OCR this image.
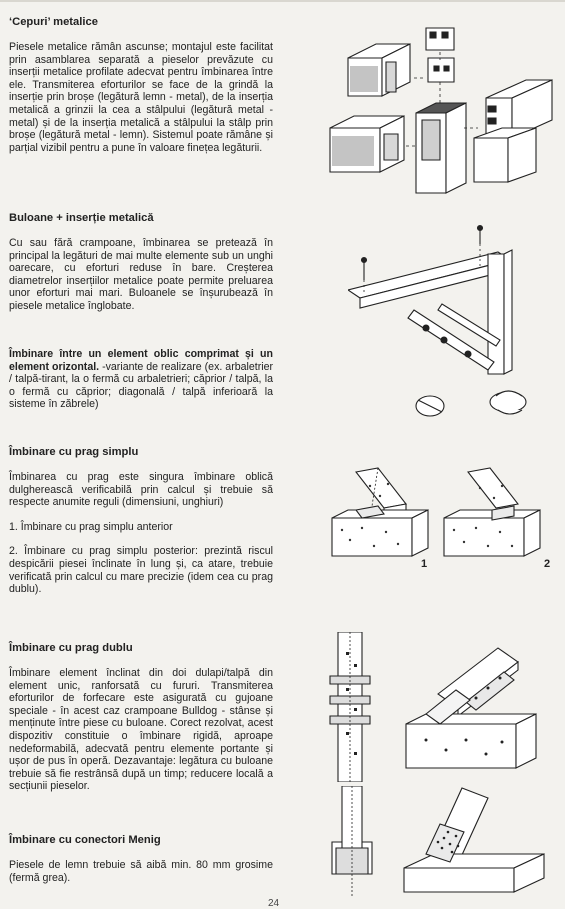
‘Cepuri’ metalice

Piesele metalice rămân ascunse; montajul este facilitat prin asamblarea separată a pieselor prevăzute cu inserții metalice profilate adecvat pentru îmbinarea între ele. Transmiterea eforturilor se face de la grindă la inserție prin broșe (legătură lemn - metal), de la inserția metalică a grinzii la cea a stâlpului (legătură metal - metal) și de la inserția metalică a stâlpului la stâlp prin broșe (legătură metal - lemn). Sistemul poate rămâne și parțial vizibil pentru a pune în valoare finețea legăturii.

Buloane + inserție metalică

Cu sau fără crampoane, îmbinarea se pretează în principal la legături de mai multe elemente sub un unghi oarecare, cu eforturi reduse în bare. Creșterea diametrelor inserțiilor metalice poate permite preluarea unor eforturi mai mari. Buloanele se înșurubează în piesele metalice înglobate.

Îmbinare între un element oblic comprimat și un element orizontal. -variante de realizare (ex. arbaletrier / talpă-tirant, la o fermă cu arbaletrieri; căprior / talpă, la o fermă cu căprior; diagonală / talpă inferioară la sisteme în zăbrele)

Îmbinare cu prag simplu

Îmbinarea cu prag este singura îmbinare oblică dulgherească verificabilă prin calcul și trebuie să respecte anumite reguli (dimensiuni, unghiuri)

1. Îmbinare cu prag simplu anterior

2. Îmbinare cu prag simplu posterior: prezintă riscul despicării piesei înclinate în lung și, ca atare, trebuie verificată prin calcul cu mare precizie (idem cea cu prag dublu).

Îmbinare cu prag dublu

Îmbinare element înclinat din doi dulapi/talpă din element unic, ranforsată cu fururi. Transmiterea eforturilor de forfecare este asigurată cu gujoane speciale - în acest caz crampoane Bulldog - stânse și menținute între piese cu buloane. Corect rezolvat, acest dispozitiv constituie o îmbinare rigidă, aproape nedeformabilă, adecvată pentru elemente portante și ușor de pus în operă. Dezavantaje: legătura cu buloane trebuie să fie restrânsă după un timp; reducere locală a secțiunii pieselor.

Îmbinare cu conectori Menig

Piesele de lemn trebuie să aibă min. 80 mm grosime (fermă grea).

1	2
24
